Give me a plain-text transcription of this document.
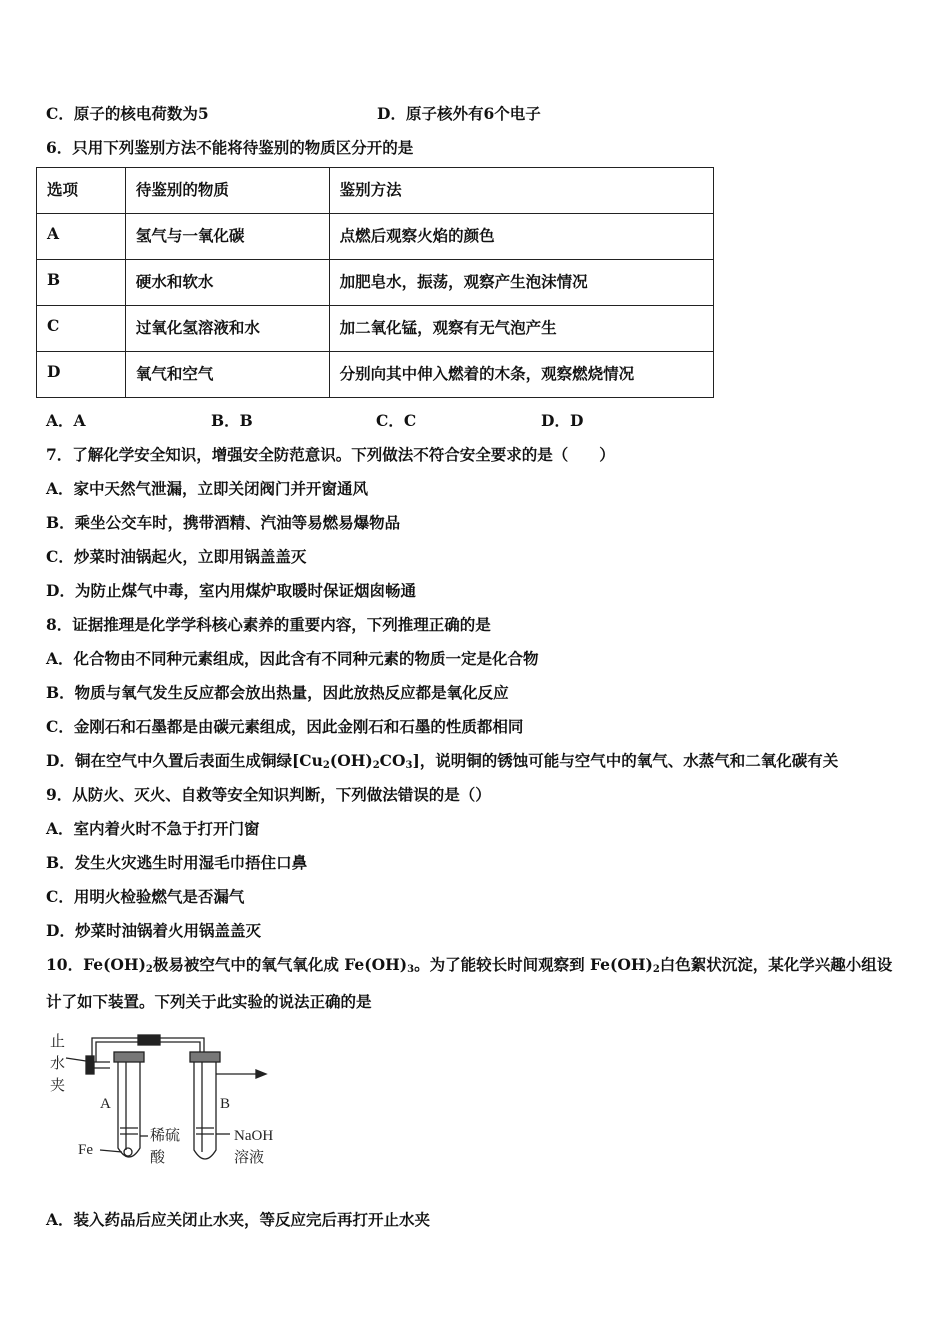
C．原子的核电荷数为5	D．原子核外有6个电子
6．只用下列鉴别方法不能将待鉴别的物质区分开的是
选项	待鉴别的物质	鉴别方法
A	氢气与一氧化碳	点燃后观察火焰的颜色
B	硬水和软水	加肥皂水，振荡，观察产生泡沫情况
C	过氧化氢溶液和水	加二氧化锰，观察有无气泡产生
D	氧气和空气	分别向其中伸入燃着的木条，观察燃烧情况
A．A	B．B	C．C	D．D
7．了解化学安全知识，增强安全防范意识。下列做法不符合安全要求的是（　　）
A．家中天然气泄漏，立即关闭阀门并开窗通风
B．乘坐公交车时，携带酒精、汽油等易燃易爆物品
C．炒菜时油锅起火，立即用锅盖盖灭
D．为防止煤气中毒，室内用煤炉取暖时保证烟囱畅通
8．证据推理是化学学科核心素养的重要内容，下列推理正确的是
A．化合物由不同种元素组成，因此含有不同种元素的物质一定是化合物
B．物质与氧气发生反应都会放出热量，因此放热反应都是氧化反应
C．金刚石和石墨都是由碳元素组成，因此金刚石和石墨的性质都相同
D．铜在空气中久置后表面生成铜绿$[Cu_2(OH)_2CO_3]$，说明铜的锈蚀可能与空气中的氧气、水蒸气和二氧化碳有关
9．从防火、灭火、自救等安全知识判断，下列做法错误的是（）
A．室内着火时不急于打开门窗
B．发生火灾逃生时用湿毛巾捂住口鼻
C．用明火检验燃气是否漏气
D．炒菜时油锅着火用锅盖盖灭
10．$Fe(OH)_2$极易被空气中的氧气氧化成 $Fe(OH)_3$。为了能较长时间观察到 $Fe(OH)_2$白色絮状沉淀，某化学兴趣小组设
计了如下装置。下列关于此实验的说法正确的是
止
水
夹
A
Fe
稀硫
酸
B
NaOH
溶液
A．装入药品后应关闭止水夹，等反应完后再打开止水夹
